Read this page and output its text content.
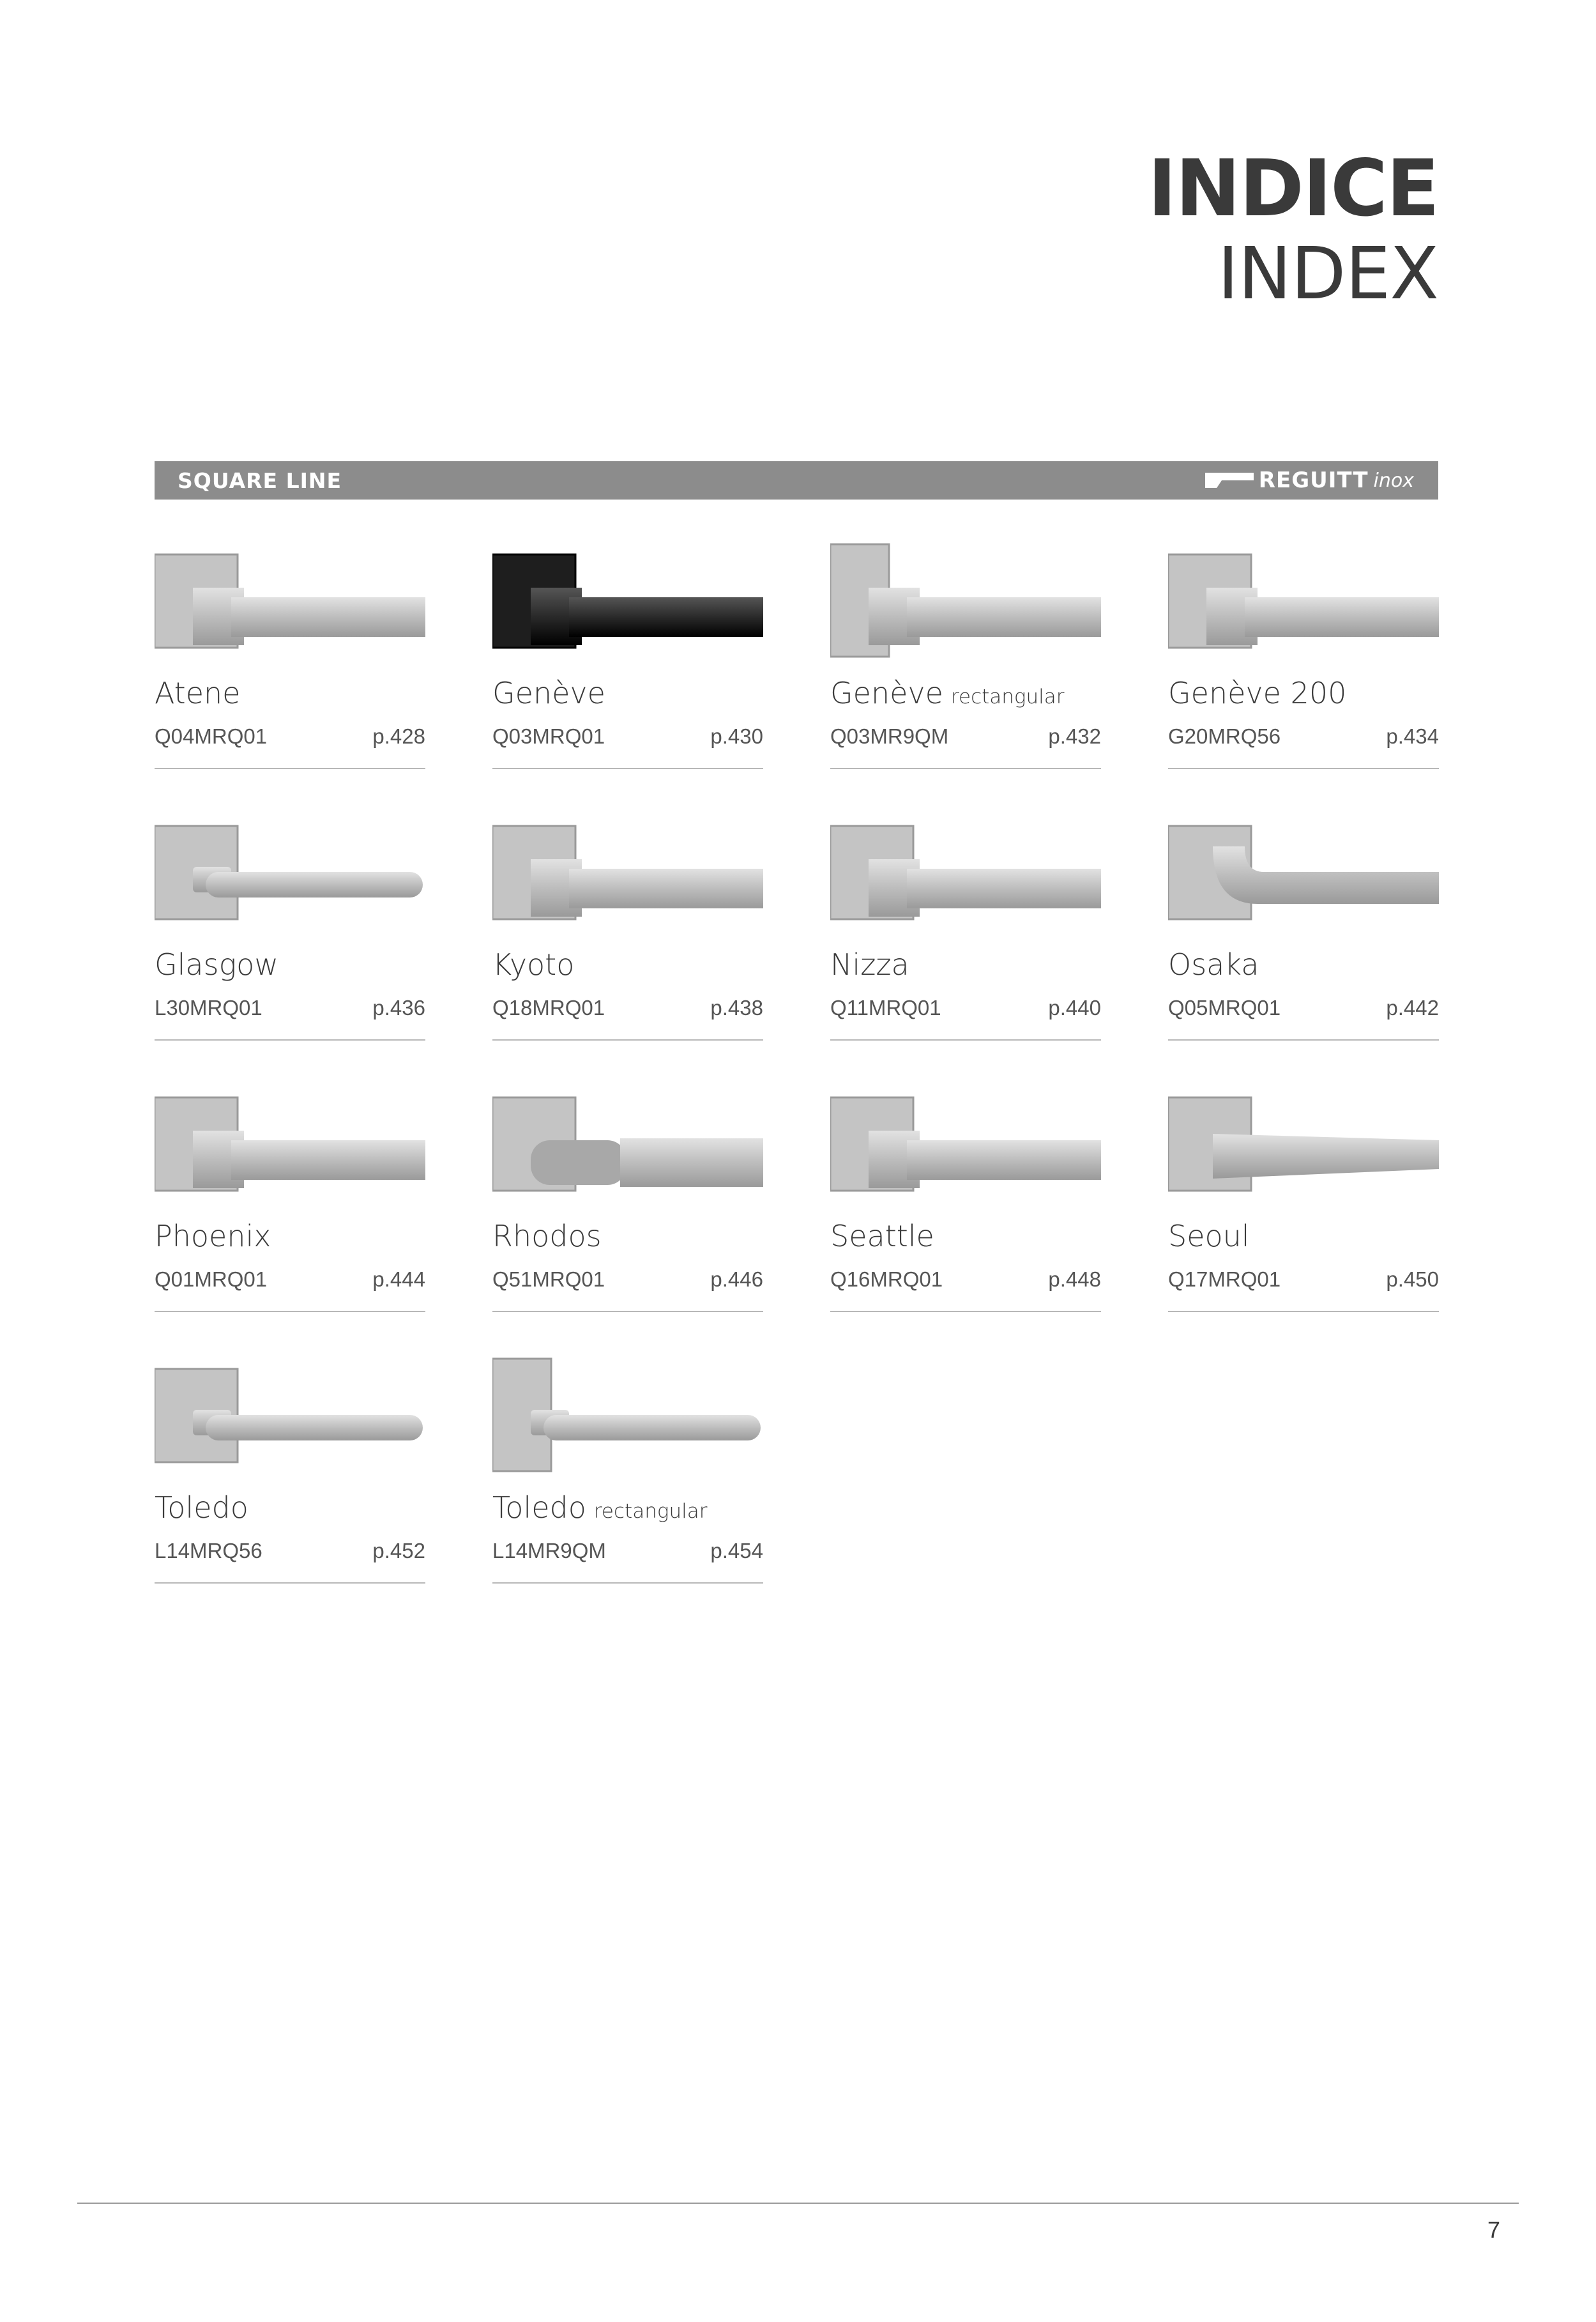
INDICE
INDEX
SQUARE LINE	REGUITT inox
Atene
Q04MRQ01	p.428
Genève
Q03MRQ01	p.430
Genève rectangular
Q03MR9QM	p.432
Genève 200
G20MRQ56	p.434
Glasgow
L30MRQ01	p.436
Kyoto
Q18MRQ01	p.438
Nizza
Q11MRQ01	p.440
Osaka
Q05MRQ01	p.442
Phoenix
Q01MRQ01	p.444
Rhodos
Q51MRQ01	p.446
Seattle
Q16MRQ01	p.448
Seoul
Q17MRQ01	p.450
Toledo
L14MRQ56	p.452
Toledo rectangular
L14MR9QM	p.454
7
